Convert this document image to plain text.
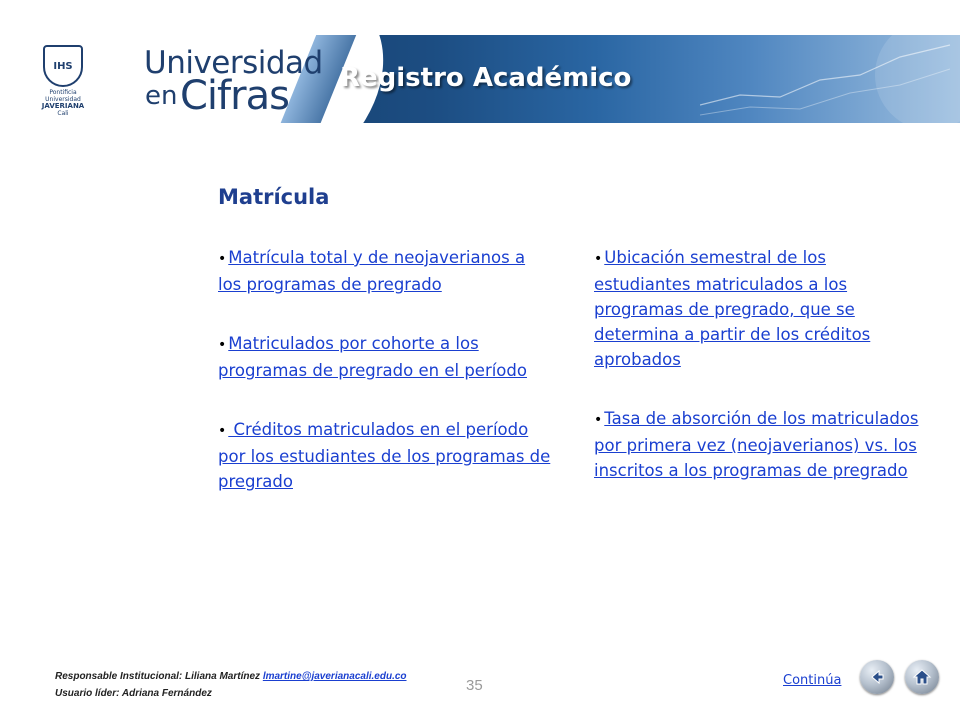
IHS
Pontificia Universidad
JAVERIANA
Cali
Universidad
en Cifras Registro Académico
Matrícula
• Matrícula total y de neojaverianos a los programas de pregrado
• Matriculados por cohorte a los programas de pregrado en el período
• Créditos matriculados en el período por los estudiantes de los programas de pregrado
• Ubicación semestral de los estudiantes matriculados a los programas de pregrado, que se determina a partir de los créditos aprobados
• Tasa de absorción de los matriculados por primera vez (neojaverianos) vs. los inscritos a los programas de pregrado
Responsable Institucional: Liliana Martínez lmartine@javerianacali.edu.co
Usuario líder: Adriana Fernández	35	Continúa
